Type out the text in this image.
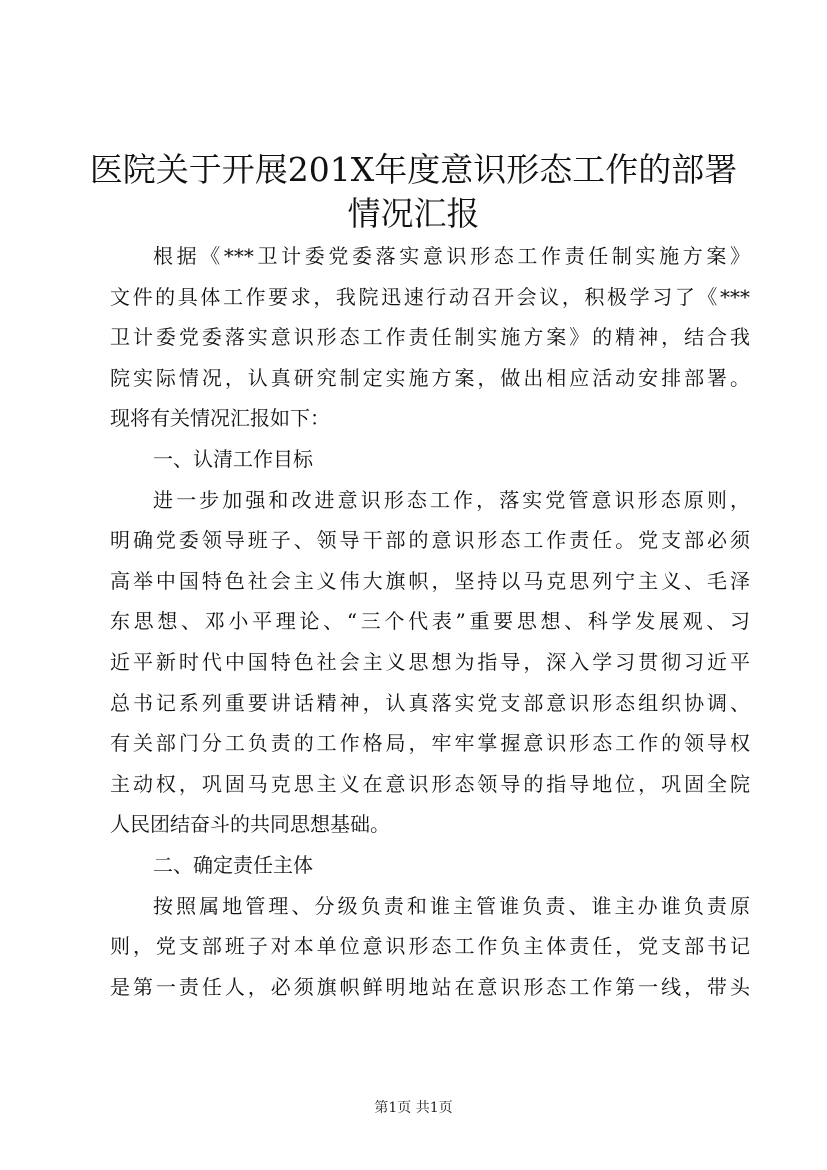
医院关于开展201X年度意识形态工作的部署
情况汇报
根据《***卫计委党委落实意识形态工作责任制实施方案》
文件的具体工作要求，我院迅速行动召开会议，积极学习了《***
卫计委党委落实意识形态工作责任制实施方案》的精神，结合我
院实际情况，认真研究制定实施方案，做出相应活动安排部署。
现将有关情况汇报如下：
一、认清工作目标
进一步加强和改进意识形态工作，落实党管意识形态原则，
明确党委领导班子、领导干部的意识形态工作责任。党支部必须
高举中国特色社会主义伟大旗帜，坚持以马克思列宁主义、毛泽
东思想、邓小平理论、“三个代表”重要思想、科学发展观、习
近平新时代中国特色社会主义思想为指导，深入学习贯彻习近平
总书记系列重要讲话精神，认真落实党支部意识形态组织协调、
有关部门分工负责的工作格局，牢牢掌握意识形态工作的领导权
主动权，巩固马克思主义在意识形态领导的指导地位，巩固全院
人民团结奋斗的共同思想基础。
二、确定责任主体
按照属地管理、分级负责和谁主管谁负责、谁主办谁负责原
则，党支部班子对本单位意识形态工作负主体责任，党支部书记
是第一责任人，必须旗帜鲜明地站在意识形态工作第一线，带头
第1页 共1页
